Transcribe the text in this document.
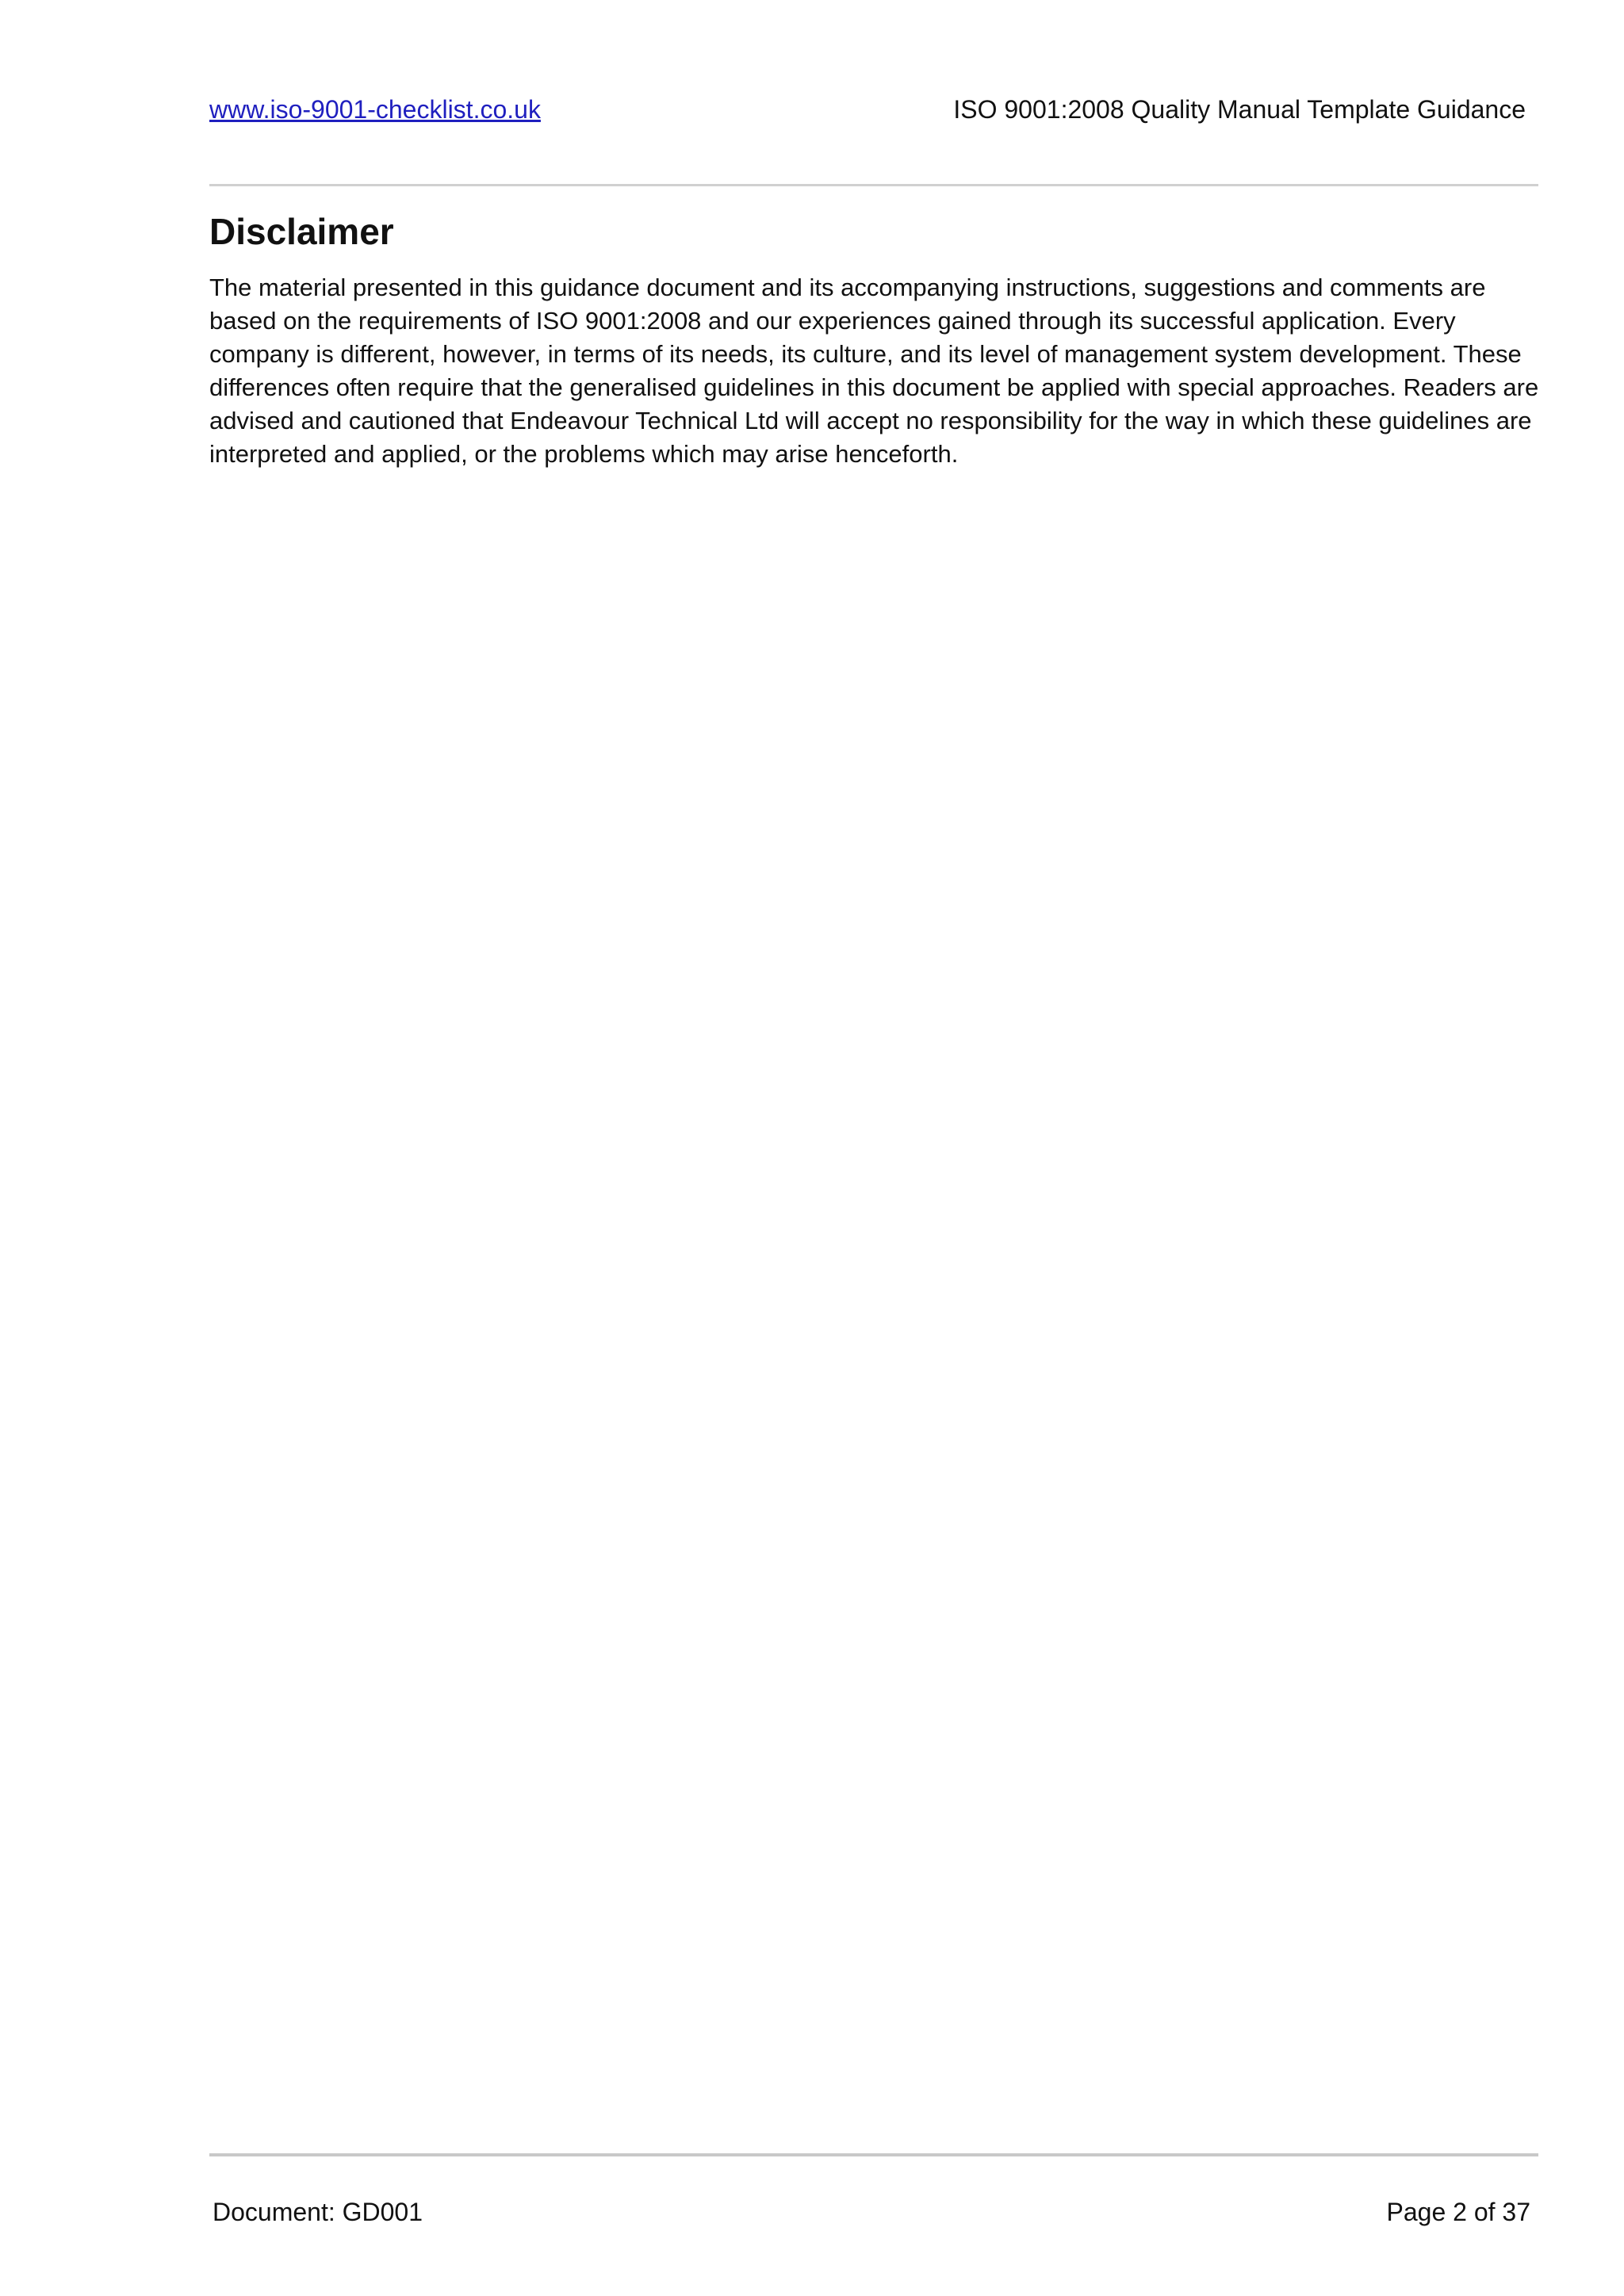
www.iso-9001-checklist.co.uk	ISO 9001:2008 Quality Manual Template Guidance
Disclaimer

The material presented in this guidance document and its accompanying instructions, suggestions and comments are based on the requirements of ISO 9001:2008 and our experiences gained through its successful application. Every company is different, however, in terms of its needs, its culture, and its level of management system development. These differences often require that the generalised guidelines in this document be applied with special approaches. Readers are advised and cautioned that Endeavour Technical Ltd will accept no responsibility for the way in which these guidelines are interpreted and applied, or the problems which may arise henceforth.

Document: GD001	Page 2 of 37
